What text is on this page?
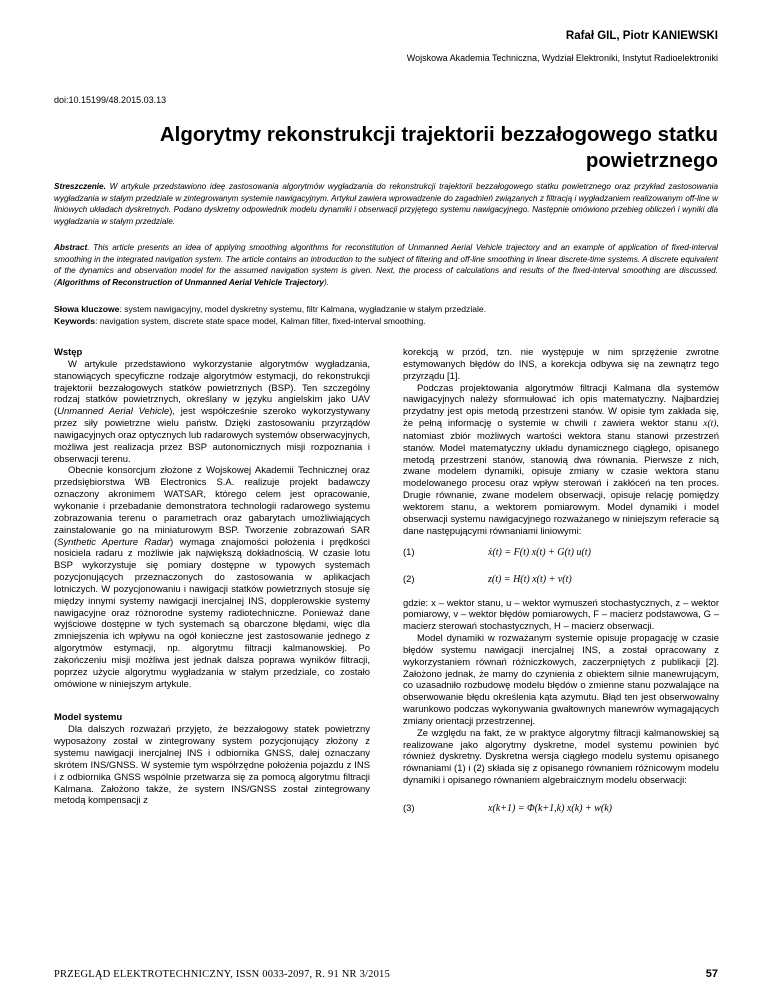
Rafał GIL, Piotr KANIEWSKI
Wojskowa Akademia Techniczna, Wydział Elektroniki, Instytut Radioelektroniki
doi:10.15199/48.2015.03.13
Algorytmy rekonstrukcji trajektorii bezzałogowego statku powietrznego
Streszczenie. W artykule przedstawiono ideę zastosowania algorytmów wygładzania do rekonstrukcji trajektorii bezzałogowego statku powietrznego oraz przykład zastosowania wygładzania w stałym przedziale w zintegrowanym systemie nawigacyjnym. Artykuł zawiera wprowadzenie do zagadnień związanych z filtracją i wygładzaniem realizowanym off-line w liniowych układach dyskretnych. Podano dyskretny odpowiednik modelu dynamiki i obserwacji przyjętego systemu nawigacyjnego. Następnie omówiono przebieg obliczeń i wyniki dla wygładzania w stałym przedziale.
Abstract. This article presents an idea of applying smoothing algorithms for reconstitution of Unmanned Aerial Vehicle trajectory and an example of application of fixed-interval smoothing in the integrated navigation system. The article contains an introduction to the subject of filtering and off-line smoothing in linear discrete-time systems. A discrete equivalent of the dynamics and observation model for the assumed navigation system is given. Next, the process of calculations and results of the fixed-interval smoothing are discussed. (Algorithms of Reconstruction of Unmanned Aerial Vehicle Trajectory).
Słowa kluczowe: system nawigacyjny, model dyskretny systemu, filtr Kalmana, wygładzanie w stałym przedziale.
Keywords: navigation system, discrete state space model, Kalman filter, fixed-interval smoothing.

Wstęp

W artykule przedstawiono wykorzystanie algorytmów wygładzania, stanowiących specyficzne rodzaje algorytmów estymacji, do rekonstrukcji trajektorii bezzałogowych statków powietrznych (BSP). Ten szczególny rodzaj statków powietrznych, określany w języku angielskim jako UAV (Unmanned Aerial Vehicle), jest współcześnie szeroko wykorzystywany przez siły powietrzne wielu państw. Dzięki zastosowaniu przyrządów nawigacyjnych oraz optycznych lub radarowych systemów obserwacyjnych, możliwa jest realizacja przez BSP autonomicznych misji rozpoznania i obserwacji terenu.

Obecnie konsorcjum złożone z Wojskowej Akademii Technicznej oraz przedsiębiorstwa WB Electronics S.A. realizuje projekt badawczy oznaczony akronimem WATSAR, którego celem jest opracowanie, wykonanie i przebadanie demonstratora technologii radarowego systemu zobrazowania terenu o parametrach oraz gabarytach umożliwiających zainstalowanie go na miniaturowym BSP. Tworzenie zobrazowań SAR (Synthetic Aperture Radar) wymaga znajomości położenia i prędkości nosiciela radaru z możliwie jak największą dokładnością. W czasie lotu BSP wykorzystuje się pomiary dostępne w typowych systemach pozycjonujących przeznaczonych do zastosowania w aplikacjach lotniczych. W pozycjonowaniu i nawigacji statków powietrznych stosuje się między innymi systemy nawigacji inercjalnej INS, dopplerowskie systemy nawigacyjne oraz różnorodne systemy radiotechniczne. Ponieważ dane wyjściowe dostępne w tych systemach są obarczone błędami, więc dla zmniejszenia ich wpływu na ogół konieczne jest zastosowanie jednego z algorytmów estymacji, np. algorytmu filtracji kalmanowskiej. Po zakończeniu misji możliwa jest jednak dalsza poprawa wyników filtracji, poprzez użycie algorytmu wygładzania w stałym przedziale, co zostało omówione w niniejszym artykule.

Model systemu

Dla dalszych rozważań przyjęto, że bezzałogowy statek powietrzny wyposażony został w zintegrowany system pozycjonujący złożony z systemu nawigacji inercjalnej INS i odbiornika GNSS, dalej oznaczany skrótem INS/GNSS. W systemie tym współrzędne położenia pojazdu z INS i z odbiornika GNSS wspólnie przetwarza się za pomocą algorytmu filtracji Kalmana. Założono także, że system INS/GNSS został zintegrowany metodą kompensacji z

korekcją w przód, tzn. nie występuje w nim sprzężenie zwrotne estymowanych błędów do INS, a korekcja odbywa się na zewnątrz tego przyrządu [1].

Podczas projektowania algorytmów filtracji Kalmana dla systemów nawigacyjnych należy sformułować ich opis matematyczny. Najbardziej przydatny jest opis metodą przestrzeni stanów. W opisie tym zakłada się, że pełną informację o systemie w chwili t zawiera wektor stanu x(t), natomiast zbiór możliwych wartości wektora stanu stanowi przestrzeń stanów. Model matematyczny układu dynamicznego ciągłego, opisanego metodą przestrzeni stanów, stanowią dwa równania. Pierwsze z nich, zwane modelem dynamiki, opisuje zmiany w czasie wektora stanu modelowanego procesu oraz wpływ sterowań i zakłóceń na ten proces. Drugie równanie, zwane modelem obserwacji, opisuje relację pomiędzy wektorem stanu, a wektorem pomiarowym. Model dynamiki i model obserwacji systemu nawigacyjnego rozważanego w niniejszym referacie są dane następującymi równaniami liniowymi:

(1)	ẋ(t) = F(t) x(t) + G(t) u(t)
(2)	z(t) = H(t) x(t) + v(t)

gdzie: x – wektor stanu, u – wektor wymuszeń stochastycznych, z – wektor pomiarowy, v – wektor błędów pomiarowych, F – macierz podstawowa, G – macierz sterowań stochastycznych, H – macierz obserwacji.

Model dynamiki w rozważanym systemie opisuje propagację w czasie błędów systemu nawigacji inercjalnej INS, a został opracowany z wykorzystaniem równań różniczkowych, zaczerpniętych z publikacji [2]. Założono jednak, że mamy do czynienia z obiektem silnie manewrującym, co uzasadniło rozbudowę modelu błędów o zmienne stanu pozwalające na obserwowanie błędu określenia kąta azymutu. Błąd ten jest obserwowalny warunkowo podczas wykonywania gwałtownych manewrów wymagających zmiany orientacji przestrzennej.

Ze względu na fakt, że w praktyce algorytmy filtracji kalmanowskiej są realizowane jako algorytmy dyskretne, model systemu powinien być również dyskretny. Dyskretna wersja ciągłego modelu systemu opisanego równaniami (1) i (2) składa się z opisanego równaniem różnicowym modelu dynamiki i opisanego równaniem algebraicznym modelu obserwacji:

(3)	x(k+1) = Φ(k+1,k) x(k) + w(k)
PRZEGLĄD ELEKTROTECHNICZNY, ISSN 0033-2097, R. 91 NR 3/2015	57
